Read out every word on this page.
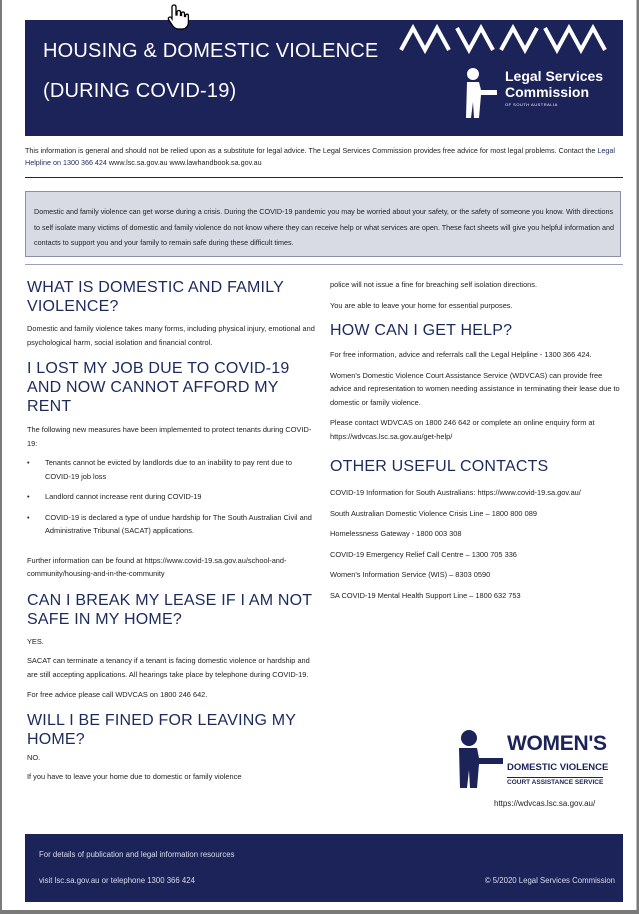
HOUSING & DOMESTIC VIOLENCE
(DURING COVID-19)
Legal Services
Commission
OF SOUTH AUSTRALIA
This information is general and should not be relied upon as a substitute for legal advice. The Legal Services Commission provides free advice for most legal problems. Contact the Legal Helpline on 1300 366 424 www.lsc.sa.gov.au www.lawhandbook.sa.gov.au
Domestic and family violence can get worse during a crisis. During the COVID-19 pandemic you may be worried about your safety, or the safety of someone you know. With directions to self isolate many victims of domestic and family violence do not know where they can receive help or what services are open. These fact sheets will give you helpful information and contacts to support you and your family to remain safe during these difficult times.
WHAT IS DOMESTIC AND FAMILY VIOLENCE?

Domestic and family violence takes many forms, including physical injury, emotional and psychological harm, social isolation and financial control.

I LOST MY JOB DUE TO COVID-19 AND NOW CANNOT AFFORD MY RENT

The following new measures have been implemented to protect tenants during COVID-19:

• Tenants cannot be evicted by landlords due to an inability to pay rent due to COVID-19 job loss
• Landlord cannot increase rent during COVID-19
• COVID-19 is declared a type of undue hardship for The South Australian Civil and Administrative Tribunal (SACAT) applications.

Further information can be found at https://www.covid-19.sa.gov.au/school-and-community/housing-and-in-the-community

CAN I BREAK MY LEASE IF I AM NOT SAFE IN MY HOME?

YES.

SACAT can terminate a tenancy if a tenant is facing domestic violence or hardship and are still accepting applications. All hearings take place by telephone during COVID-19.

For free advice please call WDVCAS on 1800 246 642.

WILL I BE FINED FOR LEAVING MY HOME?

NO.

If you have to leave your home due to domestic or family violence

police will not issue a fine for breaching self isolation directions.

You are able to leave your home for essential purposes.

HOW CAN I GET HELP?

For free information, advice and referrals call the Legal Helpline - 1300 366 424.

Women's Domestic Violence Court Assistance Service (WDVCAS) can provide free advice and representation to women needing assistance in terminating their lease due to domestic or family violence.

Please contact WDVCAS on 1800 246 642 or complete an online enquiry form at https://wdvcas.lsc.sa.gov.au/get-help/

OTHER USEFUL CONTACTS

COVID-19 Information for South Australians: https://www.covid-19.sa.gov.au/

South Australian Domestic Violence Crisis Line – 1800 800 089

Homelessness Gateway - 1800 003 308

COVID-19 Emergency Relief Call Centre – 1300 705 336

Women's Information Service (WIS) – 8303 0590

SA COVID-19 Mental Health Support Line – 1800 632 753

WOMEN'S
DOMESTIC VIOLENCE
COURT ASSISTANCE SERVICE
https://wdvcas.lsc.sa.gov.au/
For details of publication and legal information resources
visit lsc.sa.gov.au or telephone 1300 366 424	© 5/2020 Legal Services Commission
